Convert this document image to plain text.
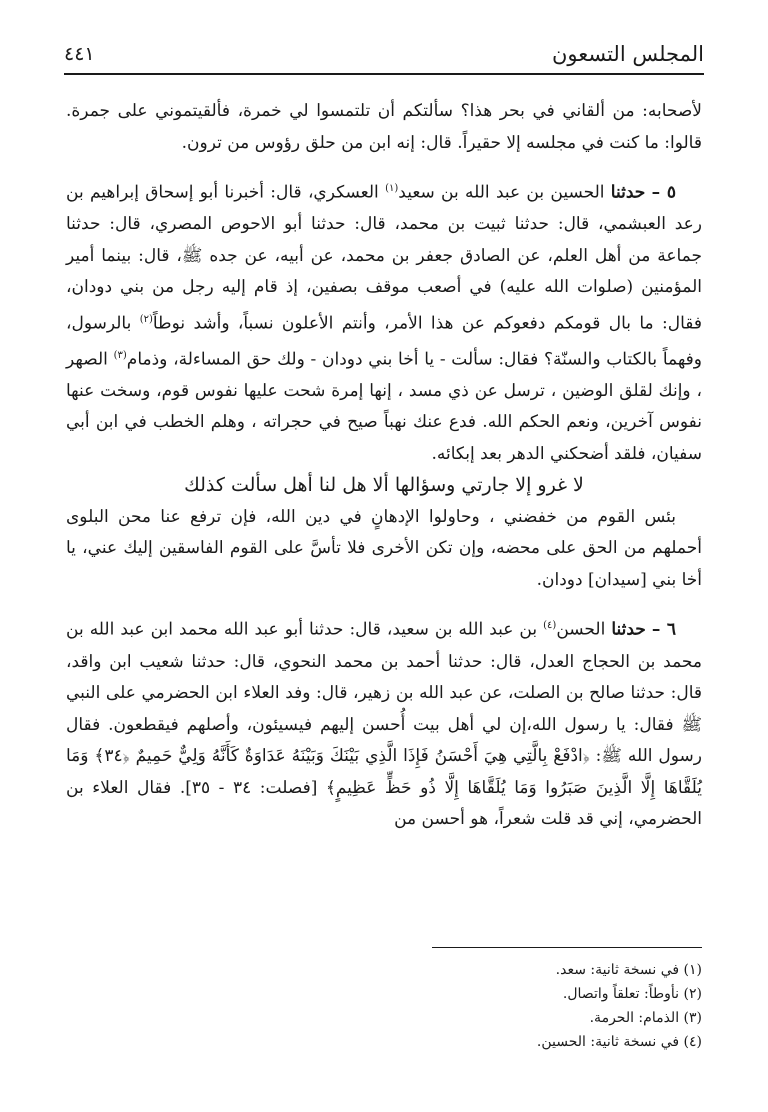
المجلس التسعون
٤٤١

لأصحابه: من ألقاني في بحر هذا؟ سألتكم أن تلتمسوا لي خمرة، فألقيتموني على جمرة. قالوا: ما كنت في مجلسه إلا حقيراً. قال: إنه ابن من حلق رؤوس من ترون.

٥ – حدثنا الحسين بن عبد الله بن سعيد$^{(١)}$ العسكري، قال: أخبرنا أبو إسحاق إبراهيم بن رعد العبشمي، قال: حدثنا ثبيت بن محمد، قال: حدثنا أبو الاحوص المصري، قال: حدثنا جماعة من أهل العلم، عن الصادق جعفر بن محمد، عن أبيه، عن جده ﷺ، قال: بينما أمير المؤمنين (صلوات الله عليه) في أصعب موقف بصفين، إذ قام إليه رجل من بني دودان، فقال: ما بال قومكم دفعوكم عن هذا الأمر، وأنتم الأعلون نسباً، وأشد نوطاً$^{(٢)}$ بالرسول، وفهماً بالكتاب والسنّة؟ فقال: سألت - يا أخا بني دودان - ولك حق المساءلة، وذمام$^{(٣)}$ الصهر ، وإنك لقلق الوضين ، ترسل عن ذي مسد ، إنها إمرة شحت عليها نفوس قوم، وسخت عنها نفوس آخرين، ونعم الحكم الله. فدع عنك نهباً صيح في حجراته ، وهلم الخطب في ابن أبي سفيان، فلقد أضحكني الدهر بعد إبكائه.

لا غرو إلا جارتي وسؤالها ألا هل لنا أهل سألت كذلك

بئس القوم من خفضني ، وحاولوا الإدهانٍ في دين الله، فإن ترفع عنا محن البلوى أحملهم من الحق على محضه، وإن تكن الأخرى فلا تأسَّ على القوم الفاسقين إليك عني، يا أخا بني [سيدان] دودان.

٦ – حدثنا الحسن$^{(٤)}$ بن عبد الله بن سعيد، قال: حدثنا أبو عبد الله محمد ابن عبد الله بن محمد بن الحجاج العدل، قال: حدثنا أحمد بن محمد النحوي، قال: حدثنا شعيب ابن واقد، قال: حدثنا صالح بن الصلت، عن عبد الله بن زهير، قال: وفد العلاء ابن الحضرمي على النبي ﷺ فقال: يا رسول الله،إن لي أهل بيت أُحسن إليهم فيسيئون، وأصلهم فيقطعون. فقال رسول الله ﷺ: ﴿ادْفَعْ بِالَّتِي هِيَ أَحْسَنُ فَإِذَا الَّذِي بَيْنَكَ وَبَيْنَهُ عَدَاوَةٌ كَأَنَّهُ وَلِيٌّ حَمِيمٌ ﴿٣٤﴾ وَمَا يُلَقَّاهَا إِلَّا الَّذِينَ صَبَرُوا وَمَا يُلَقَّاهَا إِلَّا ذُو حَظٍّ عَظِيمٍ﴾ [فصلت: ٣٤ - ٣٥]. فقال العلاء بن الحضرمي، إني قد قلت شعراً، هو أحسن من

(١) في نسخة ثانية: سعد.
(٢) نأوطاً: تعلقاً واتصال.
(٣) الذمام: الحرمة.
(٤) في نسخة ثانية: الحسين.
